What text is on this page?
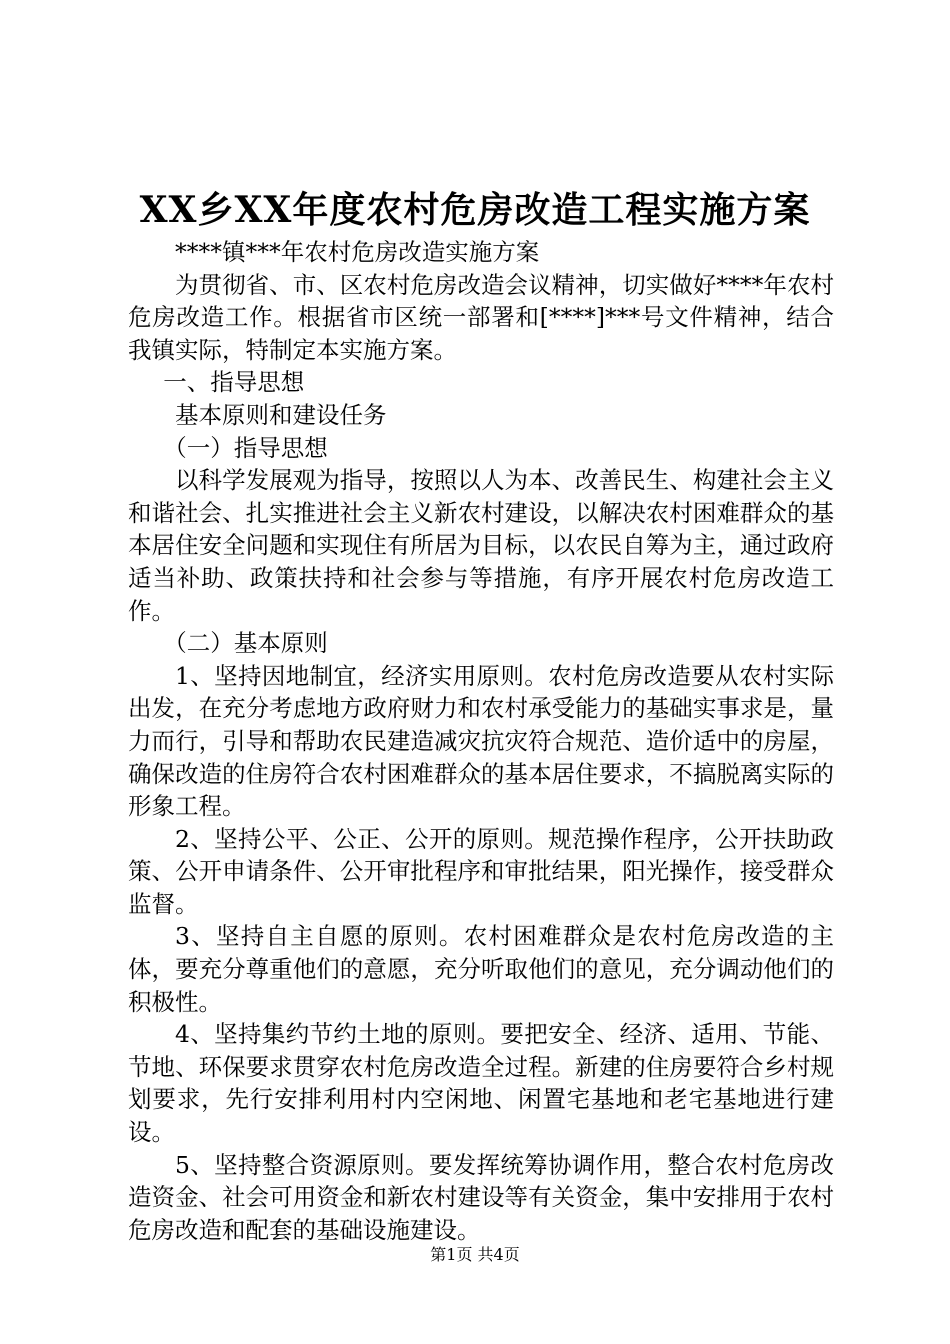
XX乡XX年度农村危房改造工程实施方案

****镇***年农村危房改造实施方案

为贯彻省、市、区农村危房改造会议精神，切实做好****年农村危房改造工作。根据省市区统一部署和[****]***号文件精神，结合我镇实际，特制定本实施方案。

一、指导思想

基本原则和建设任务

（一）指导思想

以科学发展观为指导，按照以人为本、改善民生、构建社会主义和谐社会、扎实推进社会主义新农村建设，以解决农村困难群众的基本居住安全问题和实现住有所居为目标，以农民自筹为主，通过政府适当补助、政策扶持和社会参与等措施，有序开展农村危房改造工作。

（二）基本原则

1、坚持因地制宜，经济实用原则。农村危房改造要从农村实际出发，在充分考虑地方政府财力和农村承受能力的基础实事求是，量力而行，引导和帮助农民建造减灾抗灾符合规范、造价适中的房屋，确保改造的住房符合农村困难群众的基本居住要求，不搞脱离实际的形象工程。

2、坚持公平、公正、公开的原则。规范操作程序，公开扶助政策、公开申请条件、公开审批程序和审批结果，阳光操作，接受群众监督。

3、坚持自主自愿的原则。农村困难群众是农村危房改造的主体，要充分尊重他们的意愿，充分听取他们的意见，充分调动他们的积极性。

4、坚持集约节约土地的原则。要把安全、经济、适用、节能、节地、环保要求贯穿农村危房改造全过程。新建的住房要符合乡村规划要求，先行安排利用村内空闲地、闲置宅基地和老宅基地进行建设。

5、坚持整合资源原则。要发挥统筹协调作用，整合农村危房改造资金、社会可用资金和新农村建设等有关资金，集中安排用于农村危房改造和配套的基础设施建设。

第1页 共4页
